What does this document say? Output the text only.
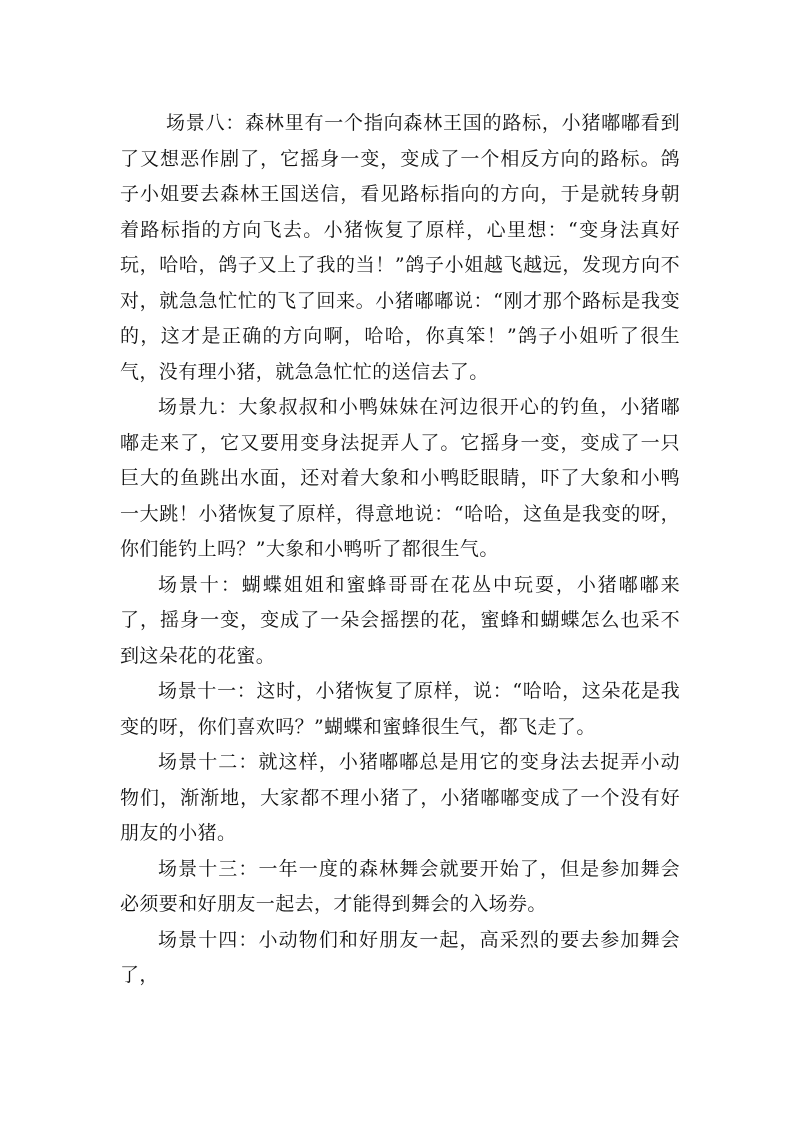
场景八：森林里有一个指向森林王国的路标，小猪嘟嘟看到了又想恶作剧了，它摇身一变，变成了一个相反方向的路标。鸽子小姐要去森林王国送信，看见路标指向的方向，于是就转身朝着路标指的方向飞去。小猪恢复了原样，心里想：“变身法真好玩，哈哈，鸽子又上了我的当！”鸽子小姐越飞越远，发现方向不对，就急急忙忙的飞了回来。小猪嘟嘟说：“刚才那个路标是我变的，这才是正确的方向啊，哈哈，你真笨！”鸽子小姐听了很生气，没有理小猪，就急急忙忙的送信去了。

场景九：大象叔叔和小鸭妹妹在河边很开心的钓鱼，小猪嘟嘟走来了，它又要用变身法捉弄人了。它摇身一变，变成了一只巨大的鱼跳出水面，还对着大象和小鸭眨眼睛，吓了大象和小鸭一大跳！小猪恢复了原样，得意地说：“哈哈，这鱼是我变的呀，你们能钓上吗？”大象和小鸭听了都很生气。

场景十：蝴蝶姐姐和蜜蜂哥哥在花丛中玩耍，小猪嘟嘟来了，摇身一变，变成了一朵会摇摆的花，蜜蜂和蝴蝶怎么也采不到这朵花的花蜜。

场景十一：这时，小猪恢复了原样，说：“哈哈，这朵花是我变的呀，你们喜欢吗？”蝴蝶和蜜蜂很生气，都飞走了。

场景十二：就这样，小猪嘟嘟总是用它的变身法去捉弄小动物们，渐渐地，大家都不理小猪了，小猪嘟嘟变成了一个没有好朋友的小猪。

场景十三：一年一度的森林舞会就要开始了，但是参加舞会必须要和好朋友一起去，才能得到舞会的入场券。

场景十四：小动物们和好朋友一起，高采烈的要去参加舞会了，
